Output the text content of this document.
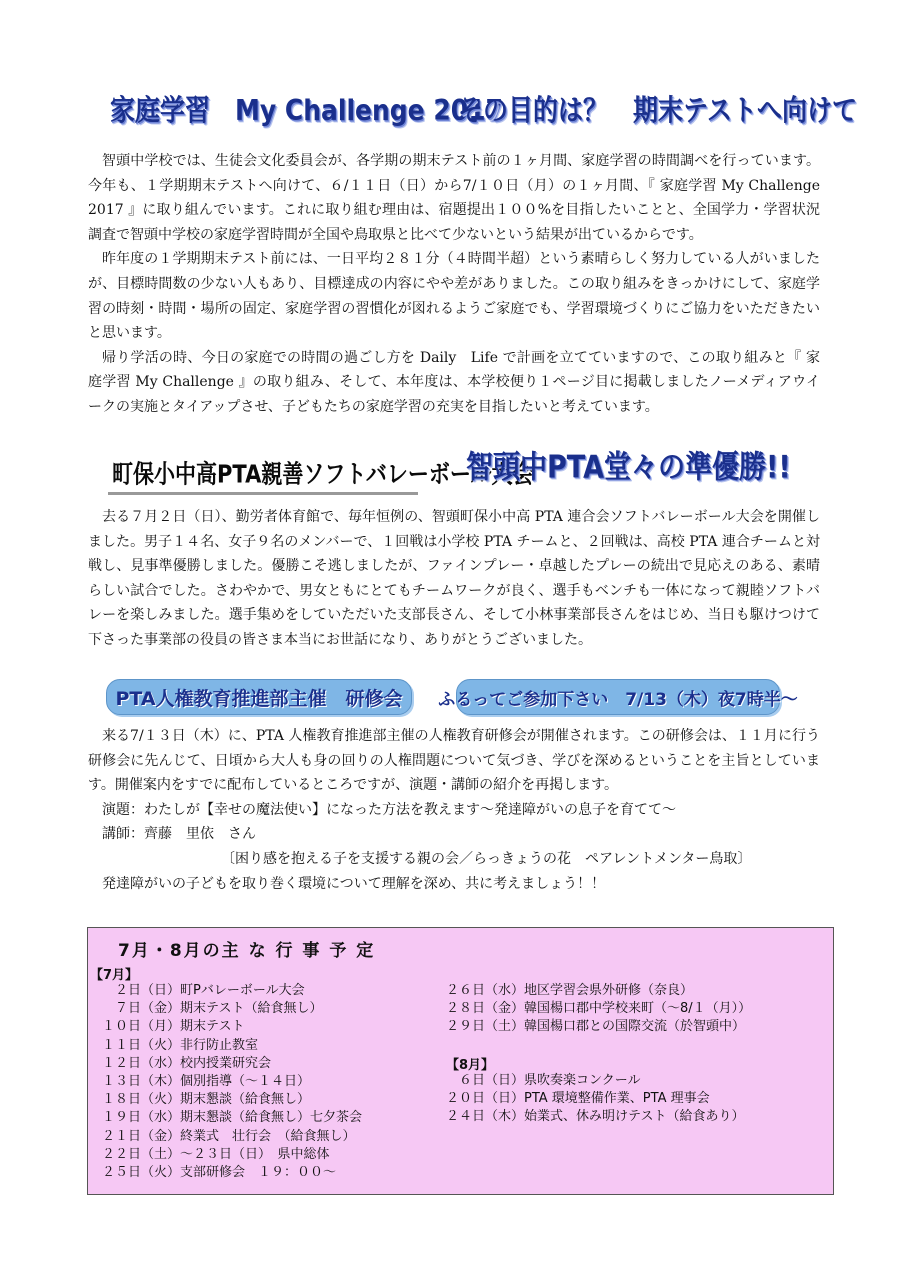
家庭学習　My Challenge 2017
その目的は？　期末テストへ向けて

智頭中学校では、生徒会文化委員会が、各学期の期末テスト前の１ヶ月間、家庭学習の時間調べを行っています。今年も、１学期期末テストへ向けて、６/１１日（日）から7/１０日（月）の１ヶ月間、『 家庭学習 My Challenge 2017 』に取り組んでいます。これに取り組む理由は、宿題提出１００%を目指したいことと、全国学力・学習状況調査で智頭中学校の家庭学習時間が全国や鳥取県と比べて少ないという結果が出ているからです。

昨年度の１学期期末テスト前には、一日平均２８１分（４時間半超）という素晴らしく努力している人がいましたが、目標時間数の少ない人もあり、目標達成の内容にやや差がありました。この取り組みをきっかけにして、家庭学習の時刻・時間・場所の固定、家庭学習の習慣化が図れるようご家庭でも、学習環境づくりにご協力をいただきたいと思います。

帰り学活の時、今日の家庭での時間の過ごし方を Daily　Life で計画を立てていますので、この取り組みと『 家庭学習 My Challenge 』の取り組み、そして、本年度は、本学校便り１ページ目に掲載しましたノーメディアウイークの実施とタイアップさせ、子どもたちの家庭学習の充実を目指したいと考えています。

町保小中高PTA親善ソフトバレーボール大会
智頭中PTA堂々の準優勝!!

去る７月２日（日）、勤労者体育館で、毎年恒例の、智頭町保小中高 PTA 連合会ソフトバレーボール大会を開催しました。男子１４名、女子９名のメンバーで、１回戦は小学校 PTA チームと、２回戦は、高校 PTA 連合チームと対戦し、見事準優勝しました。優勝こそ逃しましたが、ファインプレー・卓越したプレーの続出で見応えのある、素晴らしい試合でした。さわやかで、男女ともにとてもチームワークが良く、選手もベンチも一体になって親睦ソフトバレーを楽しみました。選手集めをしていただいた支部長さん、そして小林事業部長さんをはじめ、当日も駆けつけて下さった事業部の役員の皆さま本当にお世話になり、ありがとうございました。

PTA人権教育推進部主催　研修会 ふるってご参加下さい　7/13（木）夜7時半～

来る7/１３日（木）に、PTA 人権教育推進部主催の人権教育研修会が開催されます。この研修会は、１１月に行う研修会に先んじて、日頃から大人も身の回りの人権問題について気づき、学びを深めるということを主旨としています。開催案内をすでに配布しているところですが、演題・講師の紹介を再掲します。

演題：わたしが【幸せの魔法使い】になった方法を教えます～発達障がいの息子を育てて～

講師：齊藤　里依　さん

〔困り感を抱える子を支援する親の会／らっきょうの花　ペアレントメンター鳥取〕

発達障がいの子どもを取り巻く環境について理解を深め、共に考えましょう！！

7月・8月の主 な 行 事 予 定
【7月】
　２日（日）町Pバレーボール大会
　７日（金）期末テスト（給食無し）
１０日（月）期末テスト
１１日（火）非行防止教室
１２日（水）校内授業研究会
１３日（木）個別指導（～１４日）
１８日（火）期末懇談（給食無し）
１９日（水）期末懇談（給食無し）七夕茶会
２１日（金）終業式　壮行会　（給食無し）
２２日（土）～２３日（日）　県中総体
２５日（火）支部研修会　１９：００～
２６日（水）地区学習会県外研修（奈良）
２８日（金）韓国楊口郡中学校来町（～8/１（月））
２９日（土）韓国楊口郡との国際交流（於智頭中）
【8月】
　６日（日）県吹奏楽コンクール
２０日（日）PTA 環境整備作業、PTA 理事会
２４日（木）始業式、休み明けテスト（給食あり）
